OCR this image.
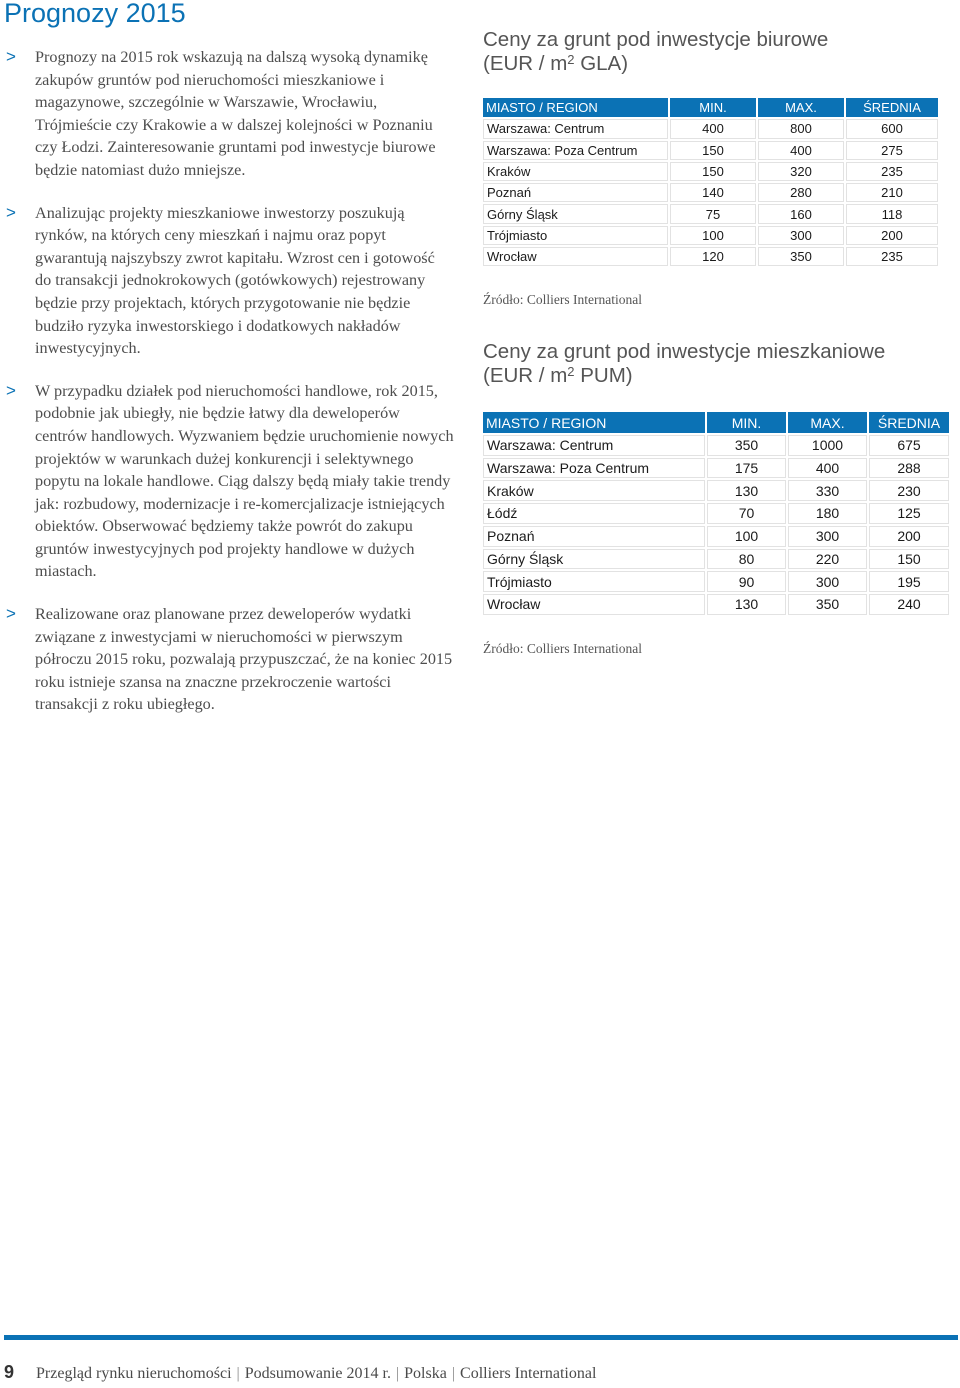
Prognozy 2015

> Prognozy na 2015 rok wskazują na dalszą wysoką dynamikę zakupów gruntów pod nieruchomości mieszkaniowe i magazynowe, szczególnie w Warszawie, Wrocławiu, Trójmieście czy Krakowie a w dalszej kolejności w Poznaniu czy Łodzi. Zainteresowanie gruntami pod inwestycje biurowe będzie natomiast dużo mniejsze.

> Analizując projekty mieszkaniowe inwestorzy poszukują rynków, na których ceny mieszkań i najmu oraz popyt gwarantują najszybszy zwrot kapitału. Wzrost cen i gotowość do transakcji jednokrokowych (gotówkowych) rejestrowany będzie przy projektach, których przygotowanie nie będzie budziło ryzyka inwestorskiego i dodatkowych nakładów inwestycyjnych.

> W przypadku działek pod nieruchomości handlowe, rok 2015, podobnie jak ubiegły, nie będzie łatwy dla deweloperów centrów handlowych. Wyzwaniem będzie uruchomienie nowych projektów w warunkach dużej konkurencji i selektywnego popytu na lokale handlowe. Ciąg dalszy będą miały takie trendy jak: rozbudowy, modernizacje i re-komercjalizacje istniejących obiektów. Obserwować będziemy także powrót do zakupu gruntów inwestycyjnych pod projekty handlowe w dużych miastach.

> Realizowane oraz planowane przez deweloperów wydatki związane z inwestycjami w nieruchomości w pierwszym półroczu 2015 roku, pozwalają przypuszczać, że na koniec 2015 roku istnieje szansa na znaczne przekroczenie wartości transakcji z roku ubiegłego.

Ceny za grunt pod inwestycje biurowe
($EUR / m^2$ GLA)
MIASTO / REGION	MIN.	MAX.	ŚREDNIA
Warszawa: Centrum	400	800	600
Warszawa: Poza Centrum	150	400	275
Kraków	150	320	235
Poznań	140	280	210
Górny Śląsk	75	160	118
Trójmiasto	100	300	200
Wrocław	120	350	235

Źródło: Colliers International

Ceny za grunt pod inwestycje mieszkaniowe
($EUR / m^2$ PUM)
MIASTO / REGION	MIN.	MAX.	ŚREDNIA
Warszawa: Centrum	350	1000	675
Warszawa: Poza Centrum	175	400	288
Kraków	130	330	230
Łódź	70	180	125
Poznań	100	300	200
Górny Śląsk	80	220	150
Trójmiasto	90	300	195
Wrocław	130	350	240

Źródło: Colliers International

9 Przegląd rynku nieruchomości | Podsumowanie 2014 r. | Polska | Colliers International
